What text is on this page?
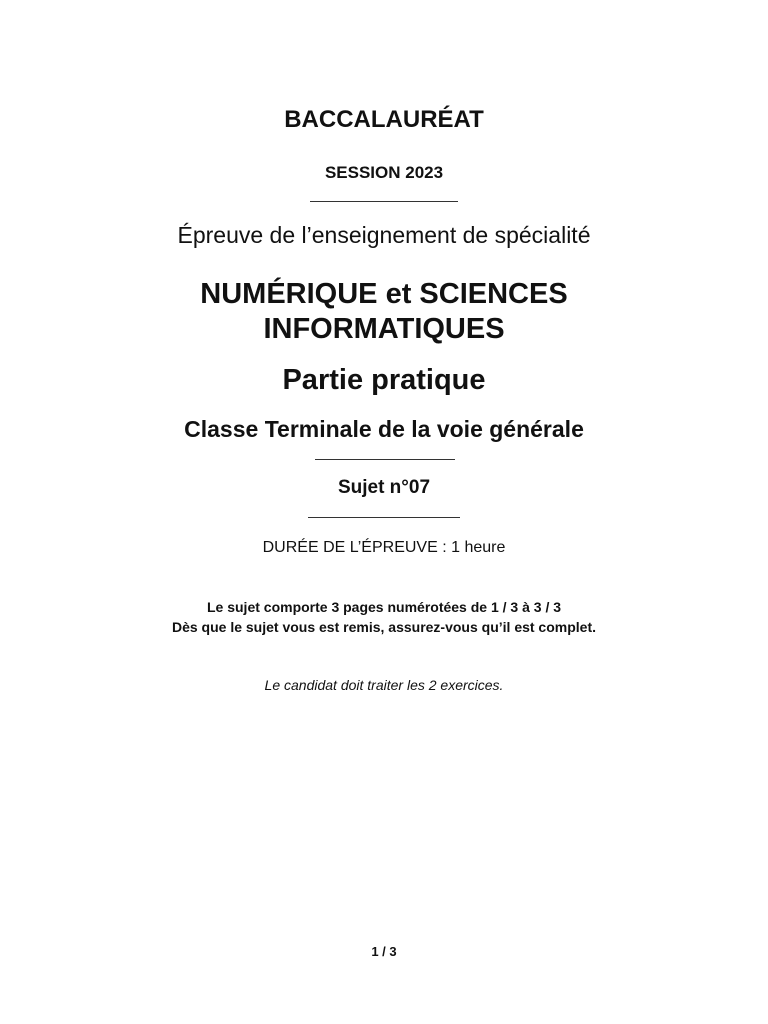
BACCALAURÉAT
SESSION 2023
Épreuve de l’enseignement de spécialité
NUMÉRIQUE et SCIENCES
INFORMATIQUES
Partie pratique
Classe Terminale de la voie générale
Sujet n°07
DURÉE DE L’ÉPREUVE : 1 heure
Le sujet comporte 3 pages numérotées de 1 / 3 à 3 / 3
Dès que le sujet vous est remis, assurez-vous qu’il est complet.
Le candidat doit traiter les 2 exercices.
1 / 3
